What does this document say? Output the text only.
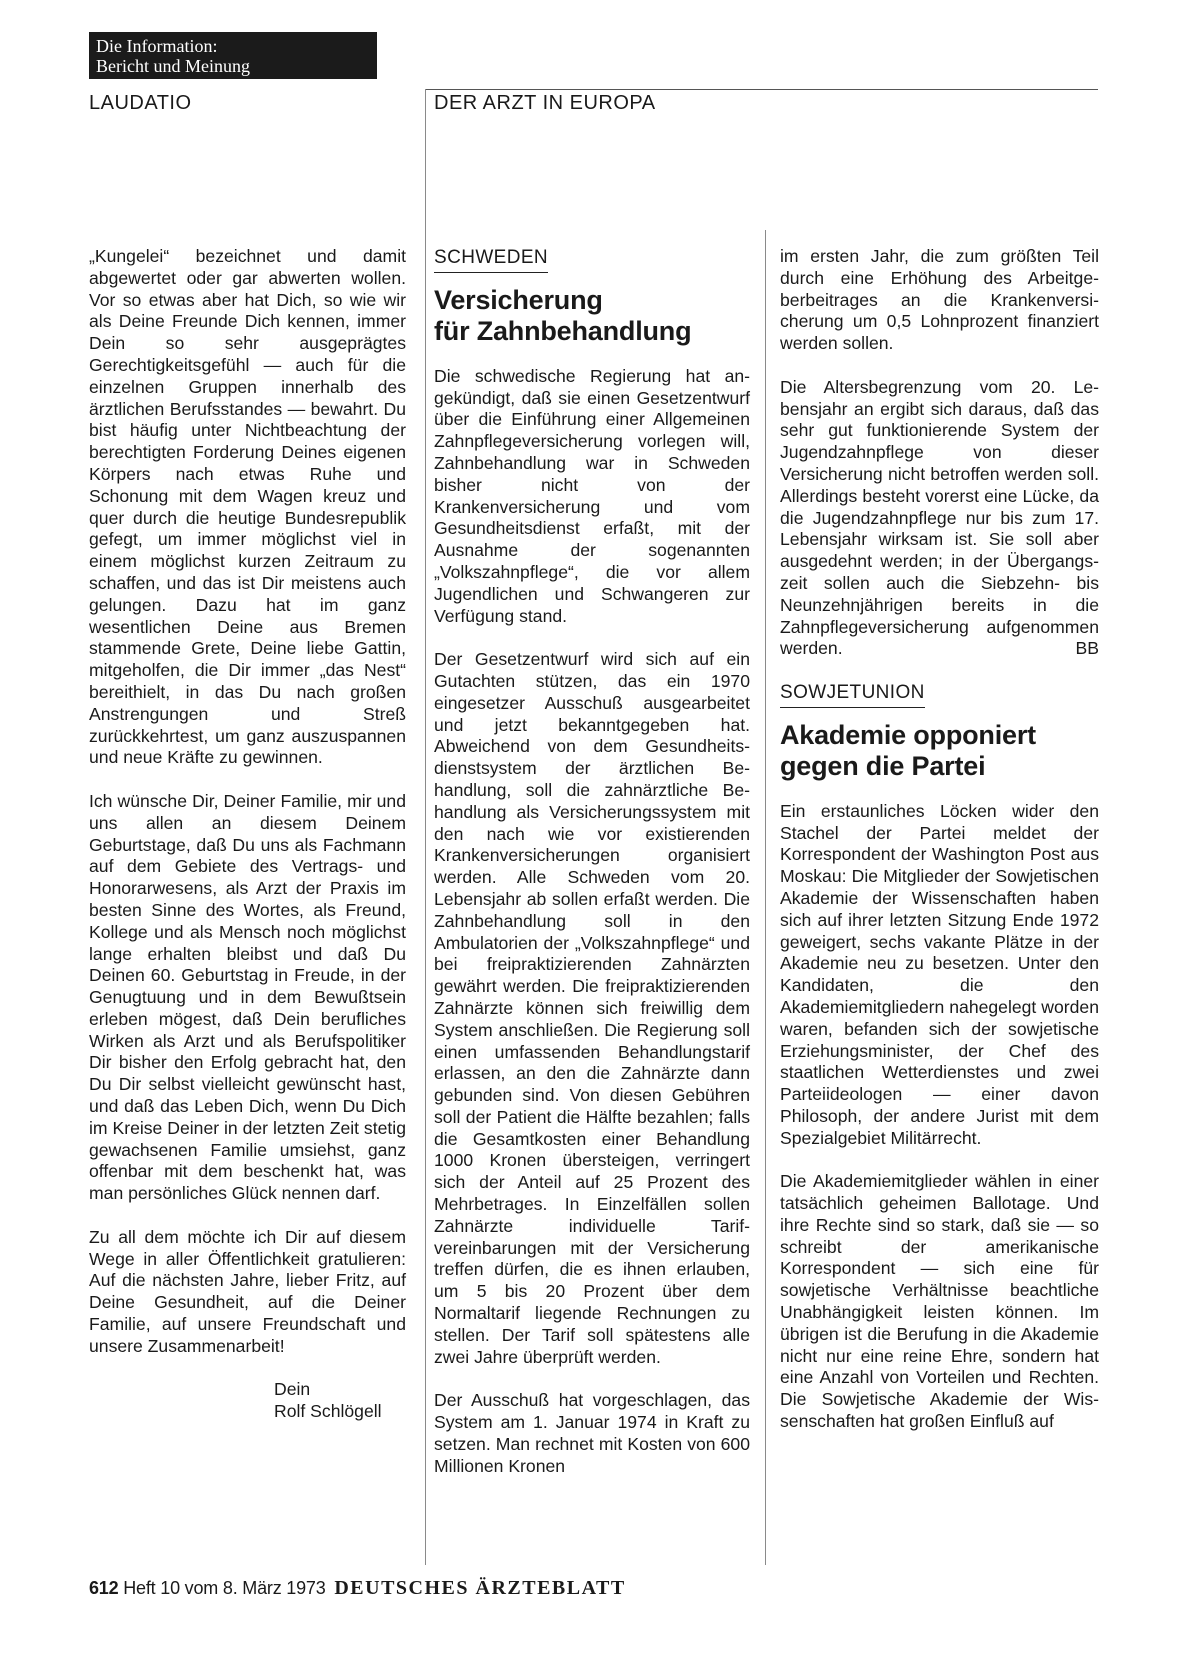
Die Information:
Bericht und Meinung
LAUDATIO	DER ARZT IN EUROPA

„Kungelei“ bezeichnet und damit abgewertet oder gar abwerten wollen. Vor so etwas aber hat Dich, so wie wir als Deine Freunde Dich kennen, immer Dein so sehr ausgeprägtes Gerechtigkeitsgefühl — auch für die einzelnen Gruppen innerhalb des ärztlichen Berufsstandes — bewahrt. Du bist häufig unter Nichtbeachtung der berechtigten Forderung Deines eigenen Körpers nach etwas Ruhe und Schonung mit dem Wagen kreuz und quer durch die heutige Bundesrepublik gefegt, um immer möglichst viel in einem möglichst kurzen Zeitraum zu schaffen, und das ist Dir meistens auch gelungen. Dazu hat im ganz wesentlichen Deine aus Bremen stammende Grete, Deine liebe Gattin, mitgeholfen, die Dir immer „das Nest“ bereithielt, in das Du nach großen Anstrengungen und Streß zurückkehrtest, um ganz auszuspannen und neue Kräfte zu gewinnen.

Ich wünsche Dir, Deiner Familie, mir und uns allen an diesem Deinem Geburtstage, daß Du uns als Fachmann auf dem Gebiete des Vertrags- und Honorarwesens, als Arzt der Praxis im besten Sinne des Wortes, als Freund, Kollege und als Mensch noch möglichst lange erhalten bleibst und daß Du Deinen 60. Geburtstag in Freude, in der Genugtuung und in dem Bewußtsein erleben mögest, daß Dein berufliches Wirken als Arzt und als Berufspolitiker Dir bisher den Erfolg gebracht hat, den Du Dir selbst vielleicht gewünscht hast, und daß das Leben Dich, wenn Du Dich im Kreise Deiner in der letzten Zeit stetig gewachsenen Familie umsiehst, ganz offenbar mit dem beschenkt hat, was man persönliches Glück nennen darf.

Zu all dem möchte ich Dir auf diesem Wege in aller Öffentlichkeit gratulieren: Auf die nächsten Jahre, lieber Fritz, auf Deine Gesundheit, auf die Deiner Familie, auf unsere Freundschaft und unsere Zusammenarbeit!

Dein
Rolf Schlögell
SCHWEDEN
Versicherung
für Zahnbehandlung

Die schwedische Regierung hat angekündigt, daß sie einen Gesetzentwurf über die Einführung einer Allgemeinen Zahnpflegeversicherung vorlegen will, Zahnbehandlung war in Schweden bisher nicht von der Krankenversicherung und vom Gesundheitsdienst erfaßt, mit der Ausnahme der sogenannten „Volkszahnpflege“, die vor allem Jugendlichen und Schwangeren zur Verfügung stand.

Der Gesetzentwurf wird sich auf ein Gutachten stützen, das ein 1970 eingesetzer Ausschuß ausgearbeitet und jetzt bekanntgegeben hat. Abweichend von dem Gesundheitsdienstsystem der ärztlichen Behandlung, soll die zahnärztliche Behandlung als Versicherungssystem mit den nach wie vor existierenden Krankenversicherungen organisiert werden. Alle Schweden vom 20. Lebensjahr ab sollen erfaßt werden. Die Zahnbehandlung soll in den Ambulatorien der „Volkszahnpflege“ und bei freipraktizierenden Zahnärzten gewährt werden. Die freipraktizierenden Zahnärzte können sich freiwillig dem System anschließen. Die Regierung soll einen umfassenden Behandlungstarif erlassen, an den die Zahnärzte dann gebunden sind. Von diesen Gebühren soll der Patient die Hälfte bezahlen; falls die Gesamtkosten einer Behandlung 1000 Kronen übersteigen, verringert sich der Anteil auf 25 Prozent des Mehrbetrages. In Einzelfällen sollen Zahnärzte individuelle Tarifvereinbarungen mit der Versicherung treffen dürfen, die es ihnen erlauben, um 5 bis 20 Prozent über dem Normaltarif liegende Rechnungen zu stellen. Der Tarif soll spätestens alle zwei Jahre überprüft werden.

Der Ausschuß hat vorgeschlagen, das System am 1. Januar 1974 in Kraft zu setzen. Man rechnet mit Kosten von 600 Millionen Kronen

im ersten Jahr, die zum größten Teil durch eine Erhöhung des Arbeitgeberbeitrages an die Krankenversicherung um 0,5 Lohnprozent finanziert werden sollen.

Die Altersbegrenzung vom 20. Lebensjahr an ergibt sich daraus, daß das sehr gut funktionierende System der Jugendzahnpflege von dieser Versicherung nicht betroffen werden soll. Allerdings besteht vorerst eine Lücke, da die Jugendzahnpflege nur bis zum 17. Lebensjahr wirksam ist. Sie soll aber ausgedehnt werden; in der Übergangszeit sollen auch die Siebzehn- bis Neunzehnjährigen bereits in die Zahnpflegeversicherung aufgenommen werden.	BB

SOWJETUNION
Akademie opponiert
gegen die Partei

Ein erstaunliches Löcken wider den Stachel der Partei meldet der Korrespondent der Washington Post aus Moskau: Die Mitglieder der Sowjetischen Akademie der Wissenschaften haben sich auf ihrer letzten Sitzung Ende 1972 geweigert, sechs vakante Plätze in der Akademie neu zu besetzen. Unter den Kandidaten, die den Akademiemitgliedern nahegelegt worden waren, befanden sich der sowjetische Erziehungsminister, der Chef des staatlichen Wetterdienstes und zwei Parteiideologen — einer davon Philosoph, der andere Jurist mit dem Spezialgebiet Militärrecht.

Die Akademiemitglieder wählen in einer tatsächlich geheimen Ballotage. Und ihre Rechte sind so stark, daß sie — so schreibt der amerikanische Korrespondent — sich eine für sowjetische Verhältnisse beachtliche Unabhängigkeit leisten können. Im übrigen ist die Berufung in die Akademie nicht nur eine reine Ehre, sondern hat eine Anzahl von Vorteilen und Rechten. Die Sowjetische Akademie der Wissenschaften hat großen Einfluß auf

612 Heft 10 vom 8. März 1973 DEUTSCHES ÄRZTEBLATT
